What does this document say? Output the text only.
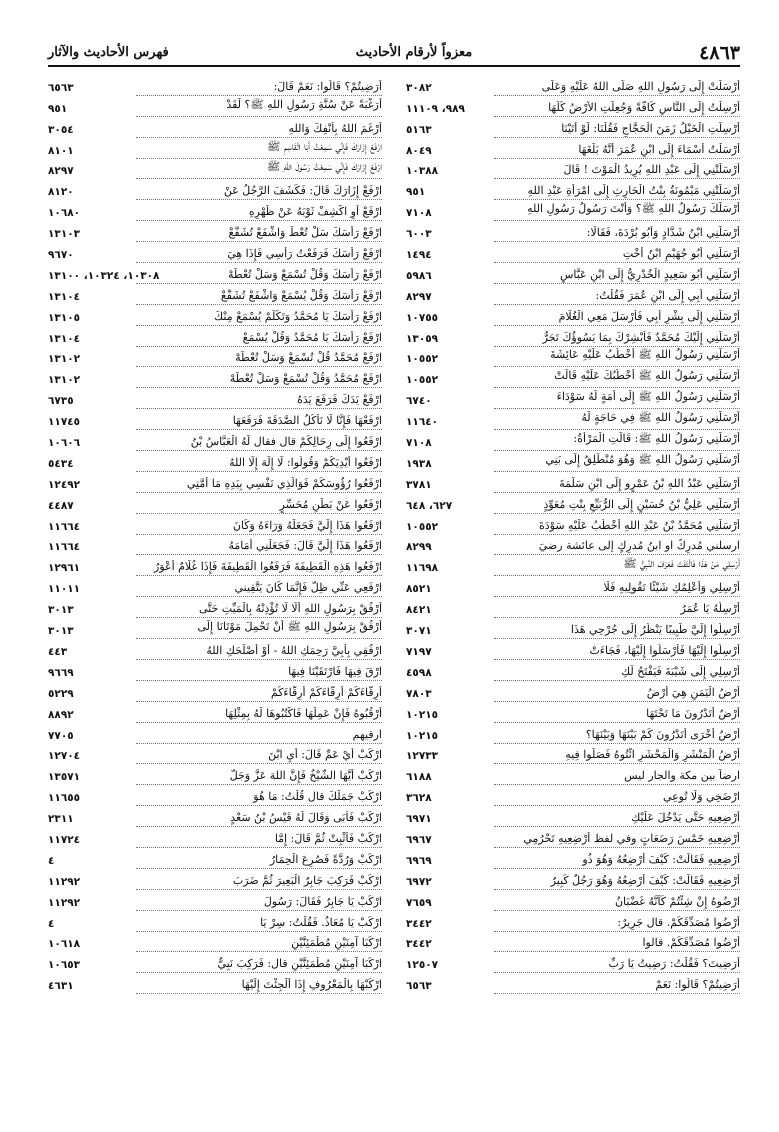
٤٨٦٣
معزواً لأرقام الأحاديث
فهرس الأحاديث والآثار
أَرْسَلَتْ إِلَى رَسُولِ اللهِ صَلَّى اللهُ عَلَيْهِ وَعَلَى
٣٠٨٢
أُرْسِلْتُ إِلَى النَّاسِ كَافَّةً وَجُعِلَتِ الأَرْضُ كُلُّهَا
٩٨٩، ١١١٠٩
أَرْسِلَتِ الْخَيْلُ زَمَنَ الْحَجَّاجِ فَقُلْنَا: لَوْ أَتَيْنَا
٥١٦٣
أَرْسَلْتُ أَسْمَاءَ إِلَى ابْنِ عُمَرَ أَنَّهُ بَلَغَهَا
٨٠٤٩
أَرْسَلَتْنِي إِلَى عَبْدِ اللهِ يُرِيدُ الْمَوْتَ ! قَالَ
١٠٣٨٨
أَرْسَلَتْنِي مَيْمُونَةُ بِنْتُ الْحَارِثِ إِلَى امْرَأَةِ عَبْدِ اللهِ
٩٥١
أَرْسَلَكَ رَسُولُ اللهِ ﷺ؟ وَأَنْتَ رَسُولُ رَسُولِ اللهِ
٧١٠٨
أَرْسَلَنِي ابْنُ شَدَّادٍ وَأَبُو بُرْدَةَ، فَقَالَا:
٦٠٠٣
أَرْسَلَنِي أَبُو جُهَيْمِ ابْنُ أُخْتِ
١٤٩٤
أَرْسَلَنِي أَبُو سَعِيدٍ الْخُدْرِيُّ إِلَى ابْنِ عَبَّاسٍ
٥٩٨٦
أَرْسَلَنِي أَبِي إِلَى ابْنِ عُمَرَ فَقُلْتُ:
٨٢٩٧
أَرْسَلَنِي إِلَى بِشْرِ أَبِي فَأَرْسَلَ مَعِي الْغُلَامَ
١٠٧٥٥
أَرْسَلَنِي إِلَيْكَ مُحَمَّدٌ فَأَبْشِرْكَ بِمَا يَسُوؤُكَ تَجَرُّ
١٣٠٥٩
أَرْسَلَنِي رَسُولُ اللهِ ﷺ أَخْطُبُ عَلَيْهِ عَائِشَةَ
١٠٥٥٢
أَرْسَلَنِي رَسُولُ اللهِ ﷺ أَخْطُبُكَ عَلَيْهِ قَالَتْ
١٠٥٥٢
أَرْسَلَنِي رَسُولُ اللهِ ﷺ إِلَى أَمَةٍ لَهُ سَوْدَاءَ
٦٧٤٠
أَرْسَلَنِي رَسُولُ اللهِ ﷺ فِي حَاجَةٍ لَهُ
١١٦٤٠
أَرْسَلَنِي رَسُولُ اللهِ ﷺ: قَالَتِ الْمَرْأَةُ:
٧١٠٨
أَرْسَلَنِي رَسُولُ اللهِ ﷺ وَهُوَ مُنْطَلِقٌ إِلَى بَنِي
١٩٣٨
أَرْسَلَنِي عَبْدُ اللهِ بْنُ عَمْرٍو إِلَى ابْنِ سَلَمَةَ
٣٧٨١
أَرْسَلَنِي عَلِيُّ بْنُ حُسَيْنٍ إِلَى الرُّبَيِّعِ بِنْتِ مُعَوِّذٍ
٦٢٧، ٦٤٨
أَرْسَلَنِي مُحَمَّدُ بْنُ عَبْدِ اللهِ أَخْطُبُ عَلَيْهِ سَوْدَةَ
١٠٥٥٢
ارسلني مُدرِكٌ او ابنُ مُدرِكٍ إلى عائشة رضيَ
٨٢٩٩
أَرْسِلِي مَنْ هَذَا فَالْتَفَتَ فَعَرَفَ النَّبِيُّ ﷺ
١١٦٩٨
أَرْسِلِي وَأَعْلِمُكِ شَيْئًا تَقُولِيهِ فَلَا
٨٥٢١
أَرْسِلُهُ يَا عُمَرُ
٨٤٢١
أَرْسِلُوا إِلَيَّ طَبِيبًا يَنْظُرُ إِلَى جُرْحِي هَذَا
٣٠٧١
أَرْسِلُوا إِلَيْهَا فَأَرْسَلُوا إِلَيْهَا، فَجَاءَتْ
٧١٩٧
أَرْسِلِي إِلَى شَيْبَةَ فَيَفْتَحُ لَكِ
٤٥٩٨
أَرْضُ الْيَمَنِ هِيَ أَرْضُ
٧٨٠٣
أَرْضٌ أَتَدْرُونَ مَا تَحْتَهَا
١٠٢١٥
أَرْضٌ أُخْرَى أَتَدْرُونَ كَمْ بَيْنَهَا وَبَيْنَهَا؟
١٠٢١٥
أَرْضُ الْمَنْشَرِ وَالْمَحْشَرِ ائْتُوهُ فَصَلُّوا فِيهِ
١٢٧٣٣
ارضاً بين مكة والجار ليس
٦١٨٨
ارْضَخِي وَلَا تُوعِي
٣٦٢٨
أَرْضِعِيهِ حَتَّى يَدْخُلَ عَلَيْكِ
٦٩٧١
أَرْضِعِيهِ خَمْسَ رَضَعَاتٍ وفي لفظ أَرْضِعِيهِ تَحْرُمِي
٦٩٦٧
أَرْضِعِيهِ فَقَالَتْ: كَيْفَ أُرْضِعُهُ وَهُوَ ذُو
٦٩٦٩
أَرْضِعِيهِ فَقَالَتْ: كَيْفَ أُرْضِعُهُ وَهُوَ رَجُلٌ كَبِيرٌ
٦٩٧٢
ارْضُوهُ إِنْ شِئْتُمْ كَأَنَّهُ غَضْبَانُ
٧٦٥٩
أَرْضُوا مُصَدِّقَكُمْ. قال جَرِيرٌ:
٣٤٤٢
أَرْضُوا مُصَدِّقَكُمْ. قالوا
٣٤٤٢
أَرَضِيتَ؟ فَقُلْتُ: رَضِيتُ يَا رَبِّ
١٢٥٠٧
أَرَضِيتُمْ؟ قَالُوا: نَعَمْ
٦٥٦٣
أَرَضِيتُمْ؟ قَالُوا: نَعَمْ قَالَ:
٦٥٦٣
أَرَغْبَةً عَنْ سُنَّةِ رَسُولِ اللهِ ﷺ؟ لَقَدْ
٩٥١
أَرْغَمَ اللهُ بِأَنْفِكَ وَاللهِ
٣٠٥٤
ارْفَعْ إِزَارَكَ فَإِنِّي سَمِعْتُ أَبَا الْقَاسِمِ ﷺ
٨١٠١
ارْفَعْ إِزَارَكَ فَإِنِّي سَمِعْتُ رَسُولَ اللهِ ﷺ
٨٢٩٧
ارْفَعْ إِزَارَكَ قَالَ: فَكَشَفَ الرَّجُلُ عَنْ
٨١٢٠
ارْفَعْ أَوِ اكْشِفْ ثَوْبَهُ عَنْ ظَهْرِهِ
١٠٦٨٠
ارْفَعْ رَأْسَكَ سَلْ تُعْطَ وَاشْفَعْ تُشَفَّعْ
١٣١٠٣
ارْفَعْ رَأْسَكَ فَرَفَعْتُ رَأْسِي فَإِذَا هِيَ
٩٦٧٠
ارْفَعْ رَأْسَكَ وَقُلْ تُسْمَعْ وَسَلْ تُعْطَهْ
١٠٣٠٨، ١٠٣٢٤، ١٣١٠٠
ارْفَعْ رَأْسَكَ وَقُلْ يُسْمَعْ وَاشْفَعْ تُشَفَّعْ
١٣١٠٤
ارْفَعْ رَأْسَكَ يَا مُحَمَّدُ وَتَكَلَّمْ يُسْمَعْ مِنْكَ
١٣١٠٥
ارْفَعْ رَأْسَكَ يَا مُحَمَّدُ وَقُلْ يُسْمَعْ
١٣١٠٤
ارْفَعْ مُحَمَّدُ قُلْ تُسْمَعْ وَسَلْ تُعْطَهْ
١٣١٠٢
ارْفَعْ مُحَمَّدُ وَقُلْ تُسْمَعْ وَسَلْ تُعْطَهْ
١٣١٠٢
ارْفَعْ يَدَكَ فَرَفَعَ يَدَهُ
٦٧٣٥
ارْفَعْهَا فَإِنَّا لَا نَأْكُلُ الصَّدَقَةَ فَرَفَعَهَا
١١٧٤٥
ارْفَعُوا إِلَى رِحَالِكُمْ قال فقال لَهُ الْعَبَّاسُ بْنُ
١٠٦٠٦
ارْفَعُوا أَيْدِيَكُمْ وَقُولُوا: لَا إِلَهَ إِلَّا اللهُ
٥٤٣٤
ارْفَعُوا رُؤُوسَكُمْ فَوَالَّذِي نَفْسِي بِيَدِهِ مَا أُمَّتِي
١٢٤٩٢
ارْفَعُوا عَنْ بَطْنِ مُحَسِّرٍ
٤٤٨٧
ارْفَعُوا هَذَا إِلَيَّ فَجَعَلَهُ وَرَاءَهُ وَكَانَ
١١٦٦٤
ارْفَعُوا هَذَا إِلَيَّ قَالَ: فَجَعَلَنِي أَمَامَهُ
١١٦٦٤
ارْفَعُوا هَذِهِ الْقَطِيفَةَ فَرَفَعُوا الْقَطِيفَةَ فَإِذَا غُلَامٌ أَعْوَرُ
١٢٩٦١
ارْفَعِي عَنِّي ظِلَّ فَإِنَّمَا كَانَ يَتَّقِيني
١١٠١١
أَرْفُقْ بِرَسُولِ اللهِ أَلَّا لَا تُؤْذِنْهُ بِالْمَيِّتِ حَتَّى
٣٠١٣
أَرْفُقْ بِرَسُولِ اللهِ ﷺ أَنْ تَحْمِلَ مَوْتَانَا إِلَى
٣٠١٣
ارْفُقِي بِأَبِيَّ رَحِمَكِ اللهُ - أَوْ أَصْلَحَكِ اللهُ
٤٤٣
ارْقَ فِيهَا فَارْتَقَيْنَا فِيهَا
٩٦٦٩
أَرِقَّاءَكُمْ أَرِقَّاءَكُمْ أَرِقَّاءَكُمْ
٥٢٢٩
أَرْقُبُوهُ فَإِنْ عَمِلَهَا فَاكْتُبُوهَا لَهُ بِمِثْلِهَا
٨٨٩٢
ارقيهم
٧٧٠٥
ارْكَبْ أَيْ عَمِّ قَالَ: أَيِ ابْنَ
١٢٧٠٤
ارْكَبْ أَيُّهَا الشَّيْخُ فَإِنَّ اللهَ عَزَّ وَجَلَّ
١٣٥٧١
ارْكَبْ جَمَلَكَ قال قُلْتُ: مَا هُوَ
١١٦٥٥
ارْكَبْ فَأَبَى وَقَالَ لَهُ قَيْسُ بْنُ سَعْدٍ
٢٣١١
ارْكَبْ فَأَثْبِتْ ثُمَّ قَالَ: إِمَّا
١١٧٢٤
ارْكَبْ وَرُدَّةً فَصُرِعَ الْحِمَارُ
٤
ارْكَبْ فَرَكِبَ جَابِرٌ الْبَعِيرَ ثُمَّ ضَرَبَ
١١٢٩٢
ارْكَبْ يَا جَابِرُ فَقَالَ: رَسُولَ
١١٢٩٢
ارْكَبْ يَا مُعَاذُ. فَقُلْتُ: سِرْ يَا
٤
ارْكَبَا آمِنَيْنِ مُطْمَئِنَّيْنِ
١٠٦١٨
ارْكَبَا آمِنَيْنِ مُطْمَئِنَّيْنِ قال: فَرَكِبَ نَبِيُّ
١٠٦٥٣
ارْكَبْهَا بِالْمَعْرُوفِ إِذَا أُلْجِئْتَ إِلَيْهَا
٤٦٣١
